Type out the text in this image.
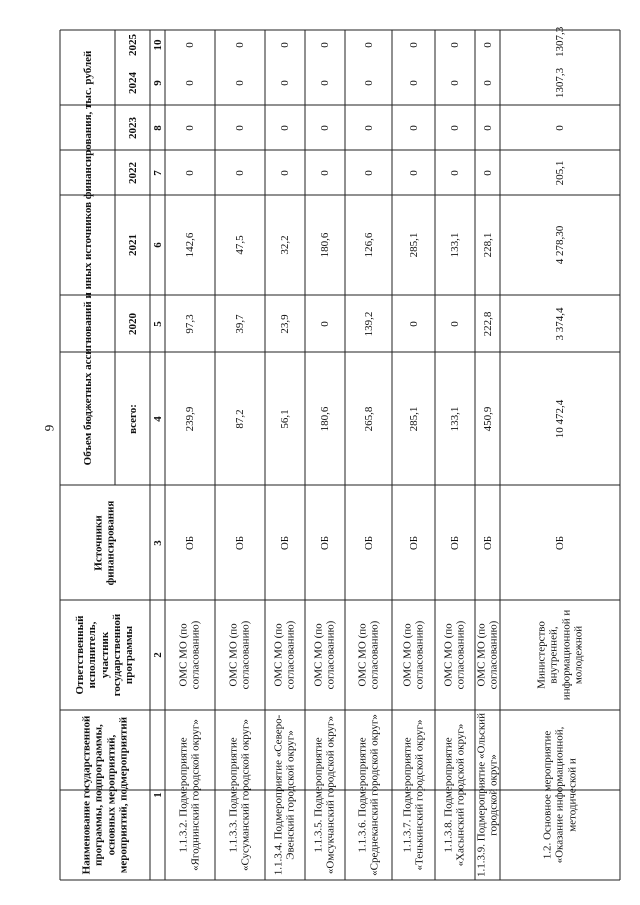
9
Наименование государственной программы, подпрограммы, основных мероприятий, мероприятий, подмероприятий
Ответственный исполнитель, участник государственной программы
Источники финансирования
Объем бюджетных ассигнований и иных источников финансирования, тыс. рублей	всего:
2020
2021
2022
2023
2024
2025
1
2
3
4
5
6
7
8
9
10
1.1.3.2. Подмероприятие «Ягоднинский городской округ»
ОМС МО (по согласованию)
ОБ
239,9
97,3
142,6
0
0
0
0
1.1.3.3. Подмероприятие «Сусуманский городской округ»
ОМС МО (по согласованию)
ОБ
87,2
39,7
47,5
0
0
0
0
1.1.3.4. Подмероприятие «Северо-Эвенский городской округ»
ОМС МО (по согласованию)
ОБ
56,1
23,9
32,2
0
0
0
0
1.1.3.5. Подмероприятие «Омсукчанский городской округ»
ОМС МО (по согласованию)
ОБ
180,6
0
180,6
0
0
0
0
1.1.3.6. Подмероприятие «Среднеканский городской округ»
ОМС МО (по согласованию)
ОБ
265,8
139,2
126,6
0
0
0
0
1.1.3.7. Подмероприятие «Тенькинский городской округ»
ОМС МО (по согласованию)
ОБ
285,1
0
285,1
0
0
0
0
1.1.3.8. Подмероприятие «Хасынский городской округ»
ОМС МО (по согласованию)
ОБ
133,1
0
133,1
0
0
0
0
1.1.3.9. Подмероприятие «Ольский городской округ»
ОМС МО (по согласованию)
ОБ
450,9
222,8
228,1
0
0
0
0
1.2. Основное мероприятие «Оказание информационной, методической и
Министерство внутренней, информационной и молодежной
ОБ
10 472,4
3 374,4
4 278,30
205,1
0
1307,3
1307,3
